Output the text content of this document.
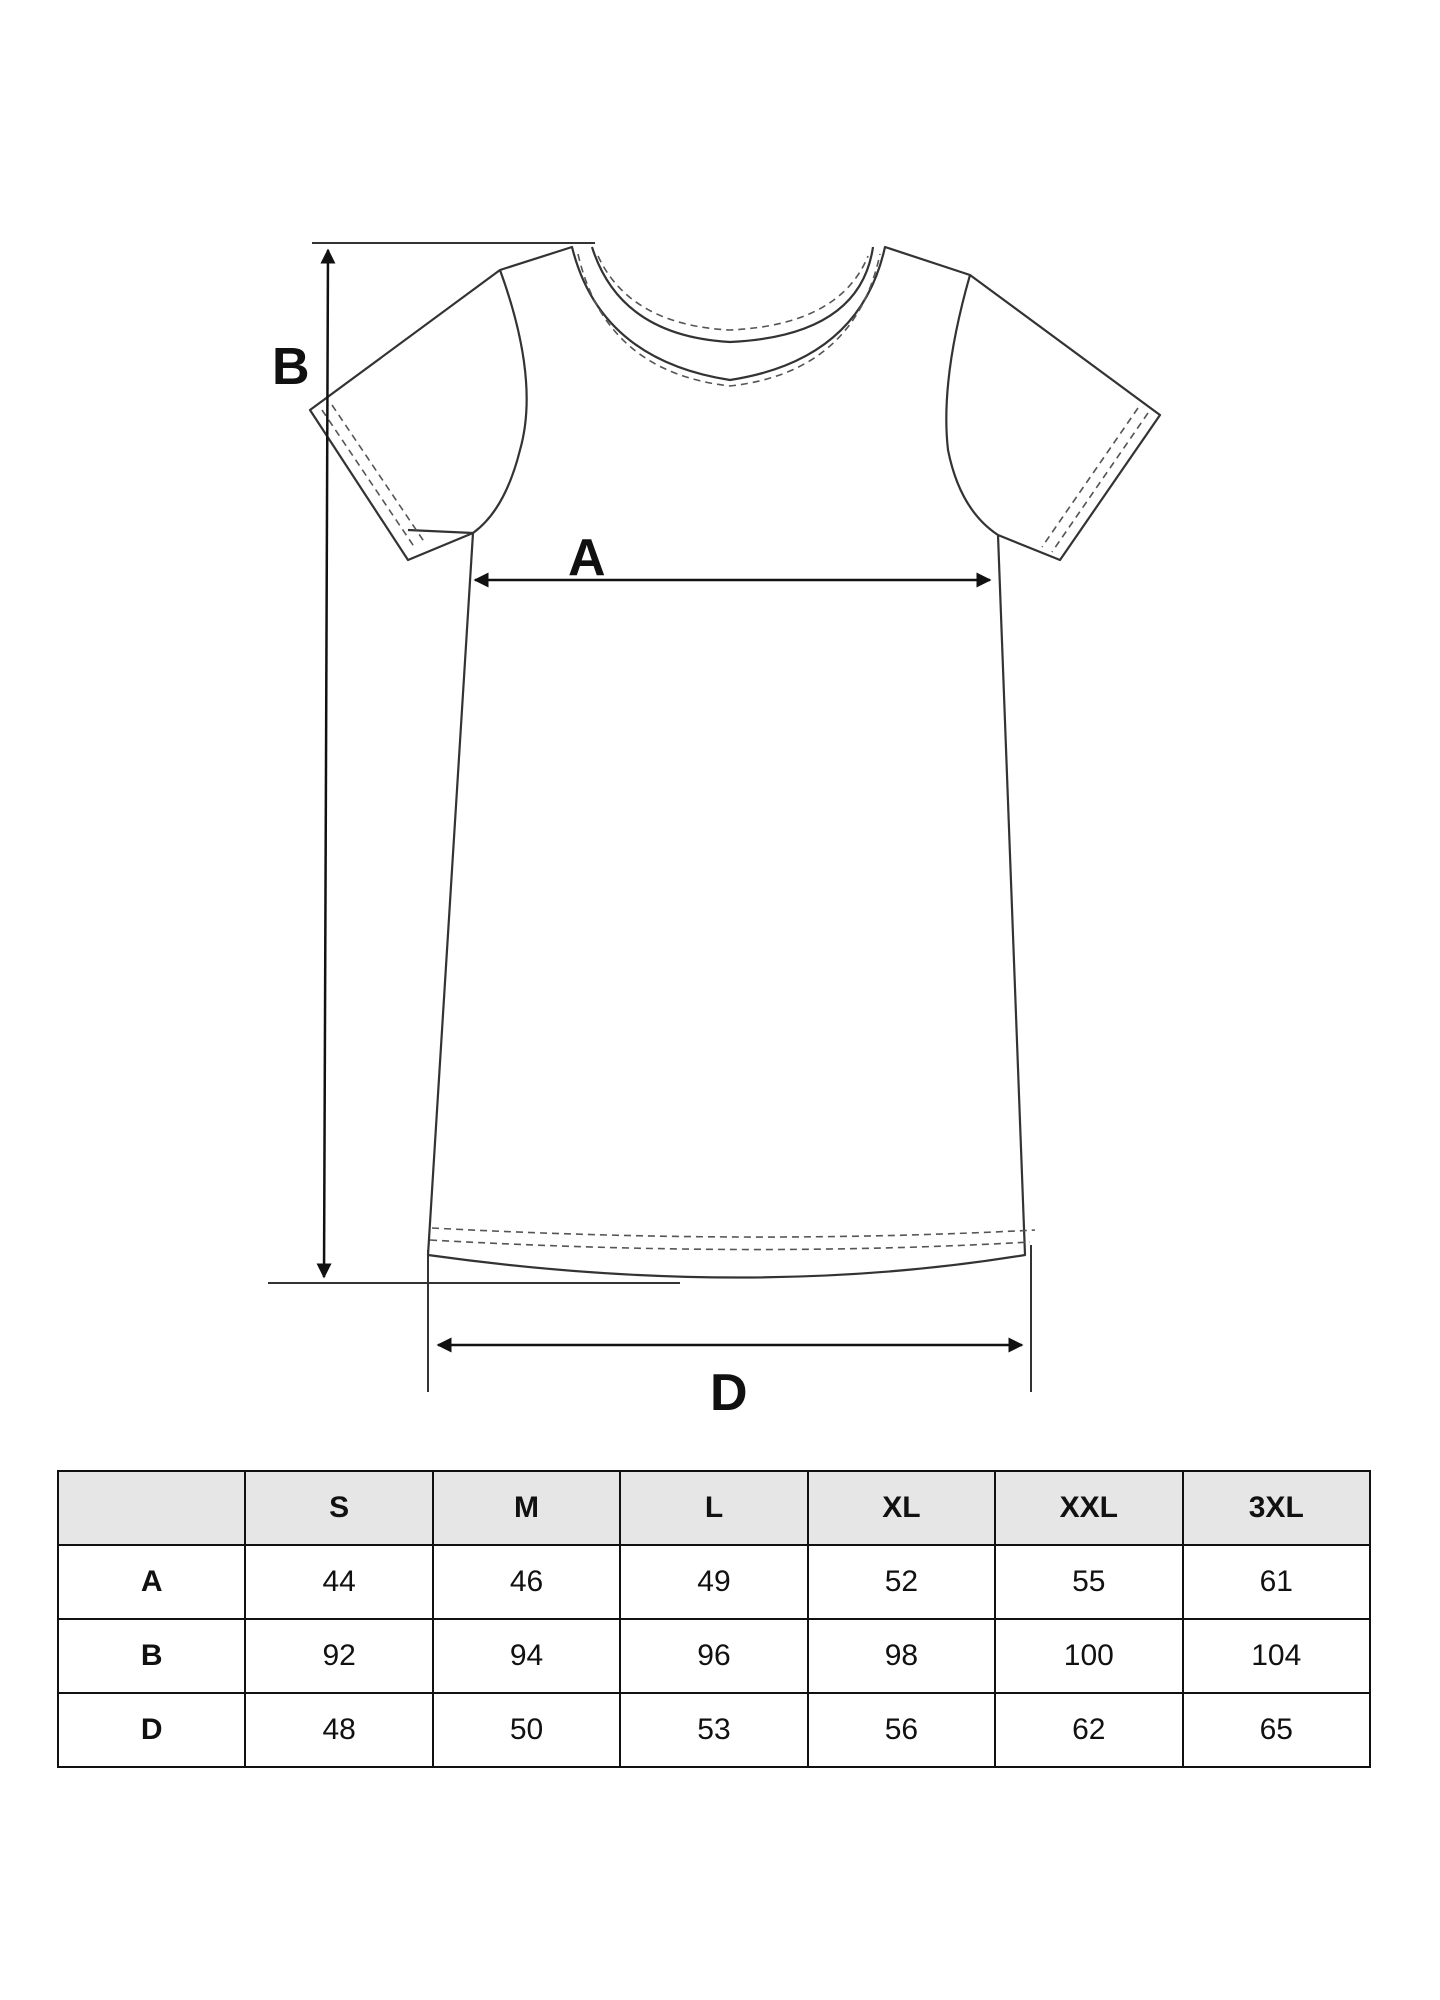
B
A
D
	S	M	L	XL	XXL	3XL
A	44	46	49	52	55	61
B	92	94	96	98	100	104
D	48	50	53	56	62	65
